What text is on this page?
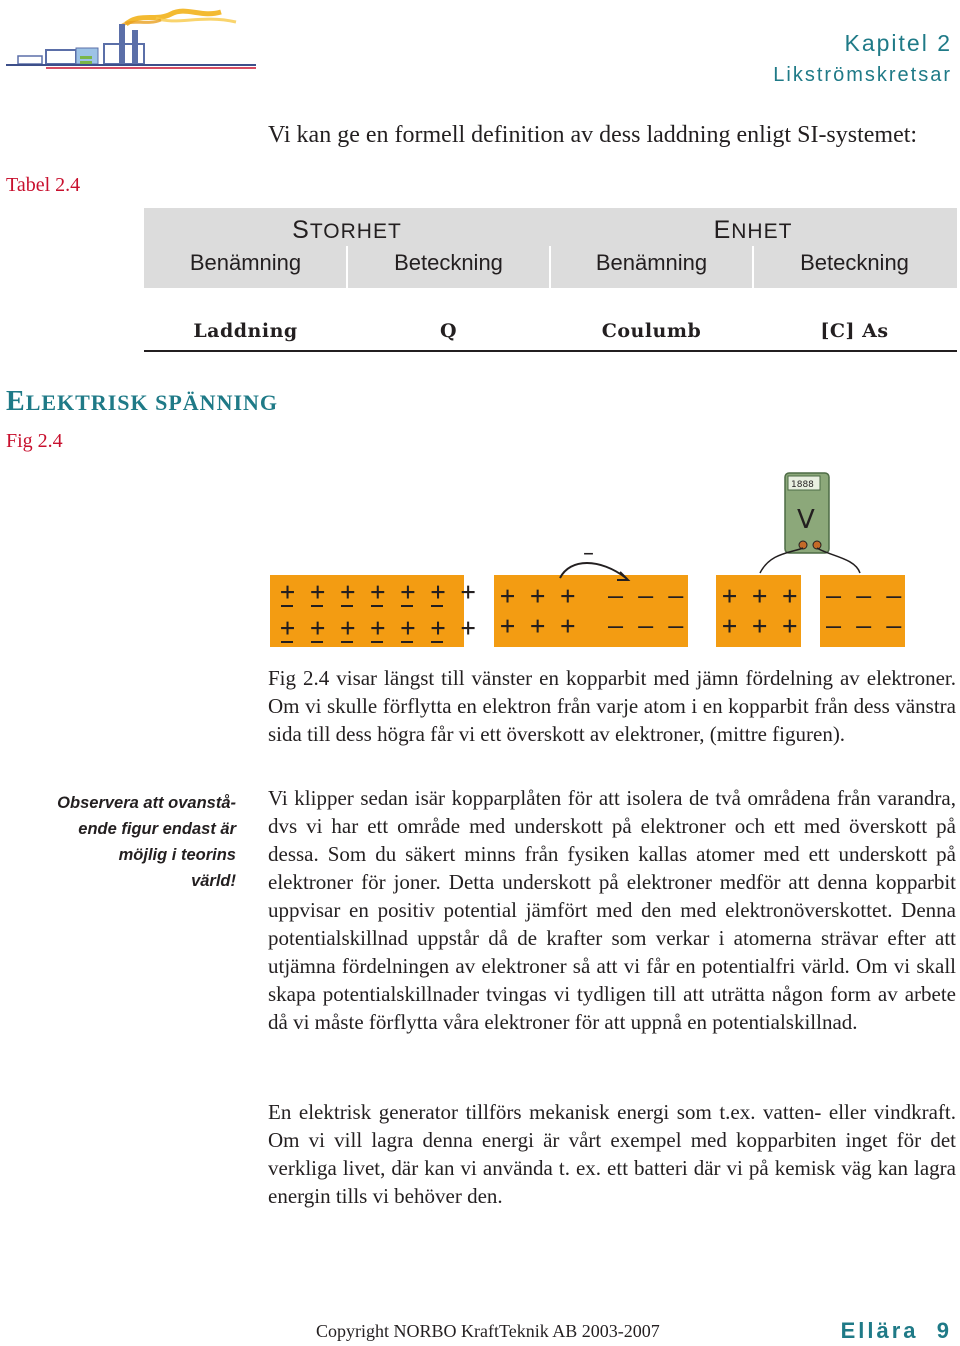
Kapitel 2
Likströmskretsar
Vi kan ge en formell definition av dess laddning enligt SI-systemet:
Tabel 2.4
STORHET	ENHET
Benämning	Beteckning	Benämning	Beteckning
Laddning	Q	Coulumb	[C] As
ELEKTRISK SPÄNNING
Fig 2.4
+ + + + + + +
+ + + + + + +
+ + +
+ + +
– – –
– – –
–
+ + +
+ + +
– – –
– – –
1888
V
Observera att ovanstå-
ende figur endast är
möjlig i teorins
värld!
Fig 2.4 visar längst till vänster en kopparbit med jämn fördelning av elektroner. Om vi skulle förflytta en elektron från varje atom i en kopparbit från dess vänstra sida till dess högra får vi ett överskott av elektroner, (mittre figuren).
Vi klipper sedan isär kopparplåten för att isolera de två områdena från varandra, dvs vi har ett område med underskott på elektroner och ett med överskott på dessa. Som du säkert minns från fysiken kallas atomer med ett underskott på elektroner för joner. Detta underskott på elektroner medför att denna kopparbit uppvisar en positiv potential jämfört med den med elektronöverskottet. Denna potentialskillnad uppstår då de krafter som verkar i atomerna strävar efter att utjämna fördelningen av elektroner så att vi får en potentialfri värld. Om vi skall skapa potentialskillnader tvingas vi tydligen till att uträtta någon form av arbete då vi måste förflytta våra elektroner för att uppnå en potentialskillnad.
En elektrisk generator tillförs mekanisk energi som t.ex. vatten- eller vindkraft. Om vi vill lagra denna energi är vårt exempel med kopparbiten inget för det verkliga livet, där kan vi använda t. ex. ett batteri där vi på kemisk väg kan lagra energin tills vi behöver den.
Copyright NORBO KraftTeknik AB 2003-2007	Ellära 9
